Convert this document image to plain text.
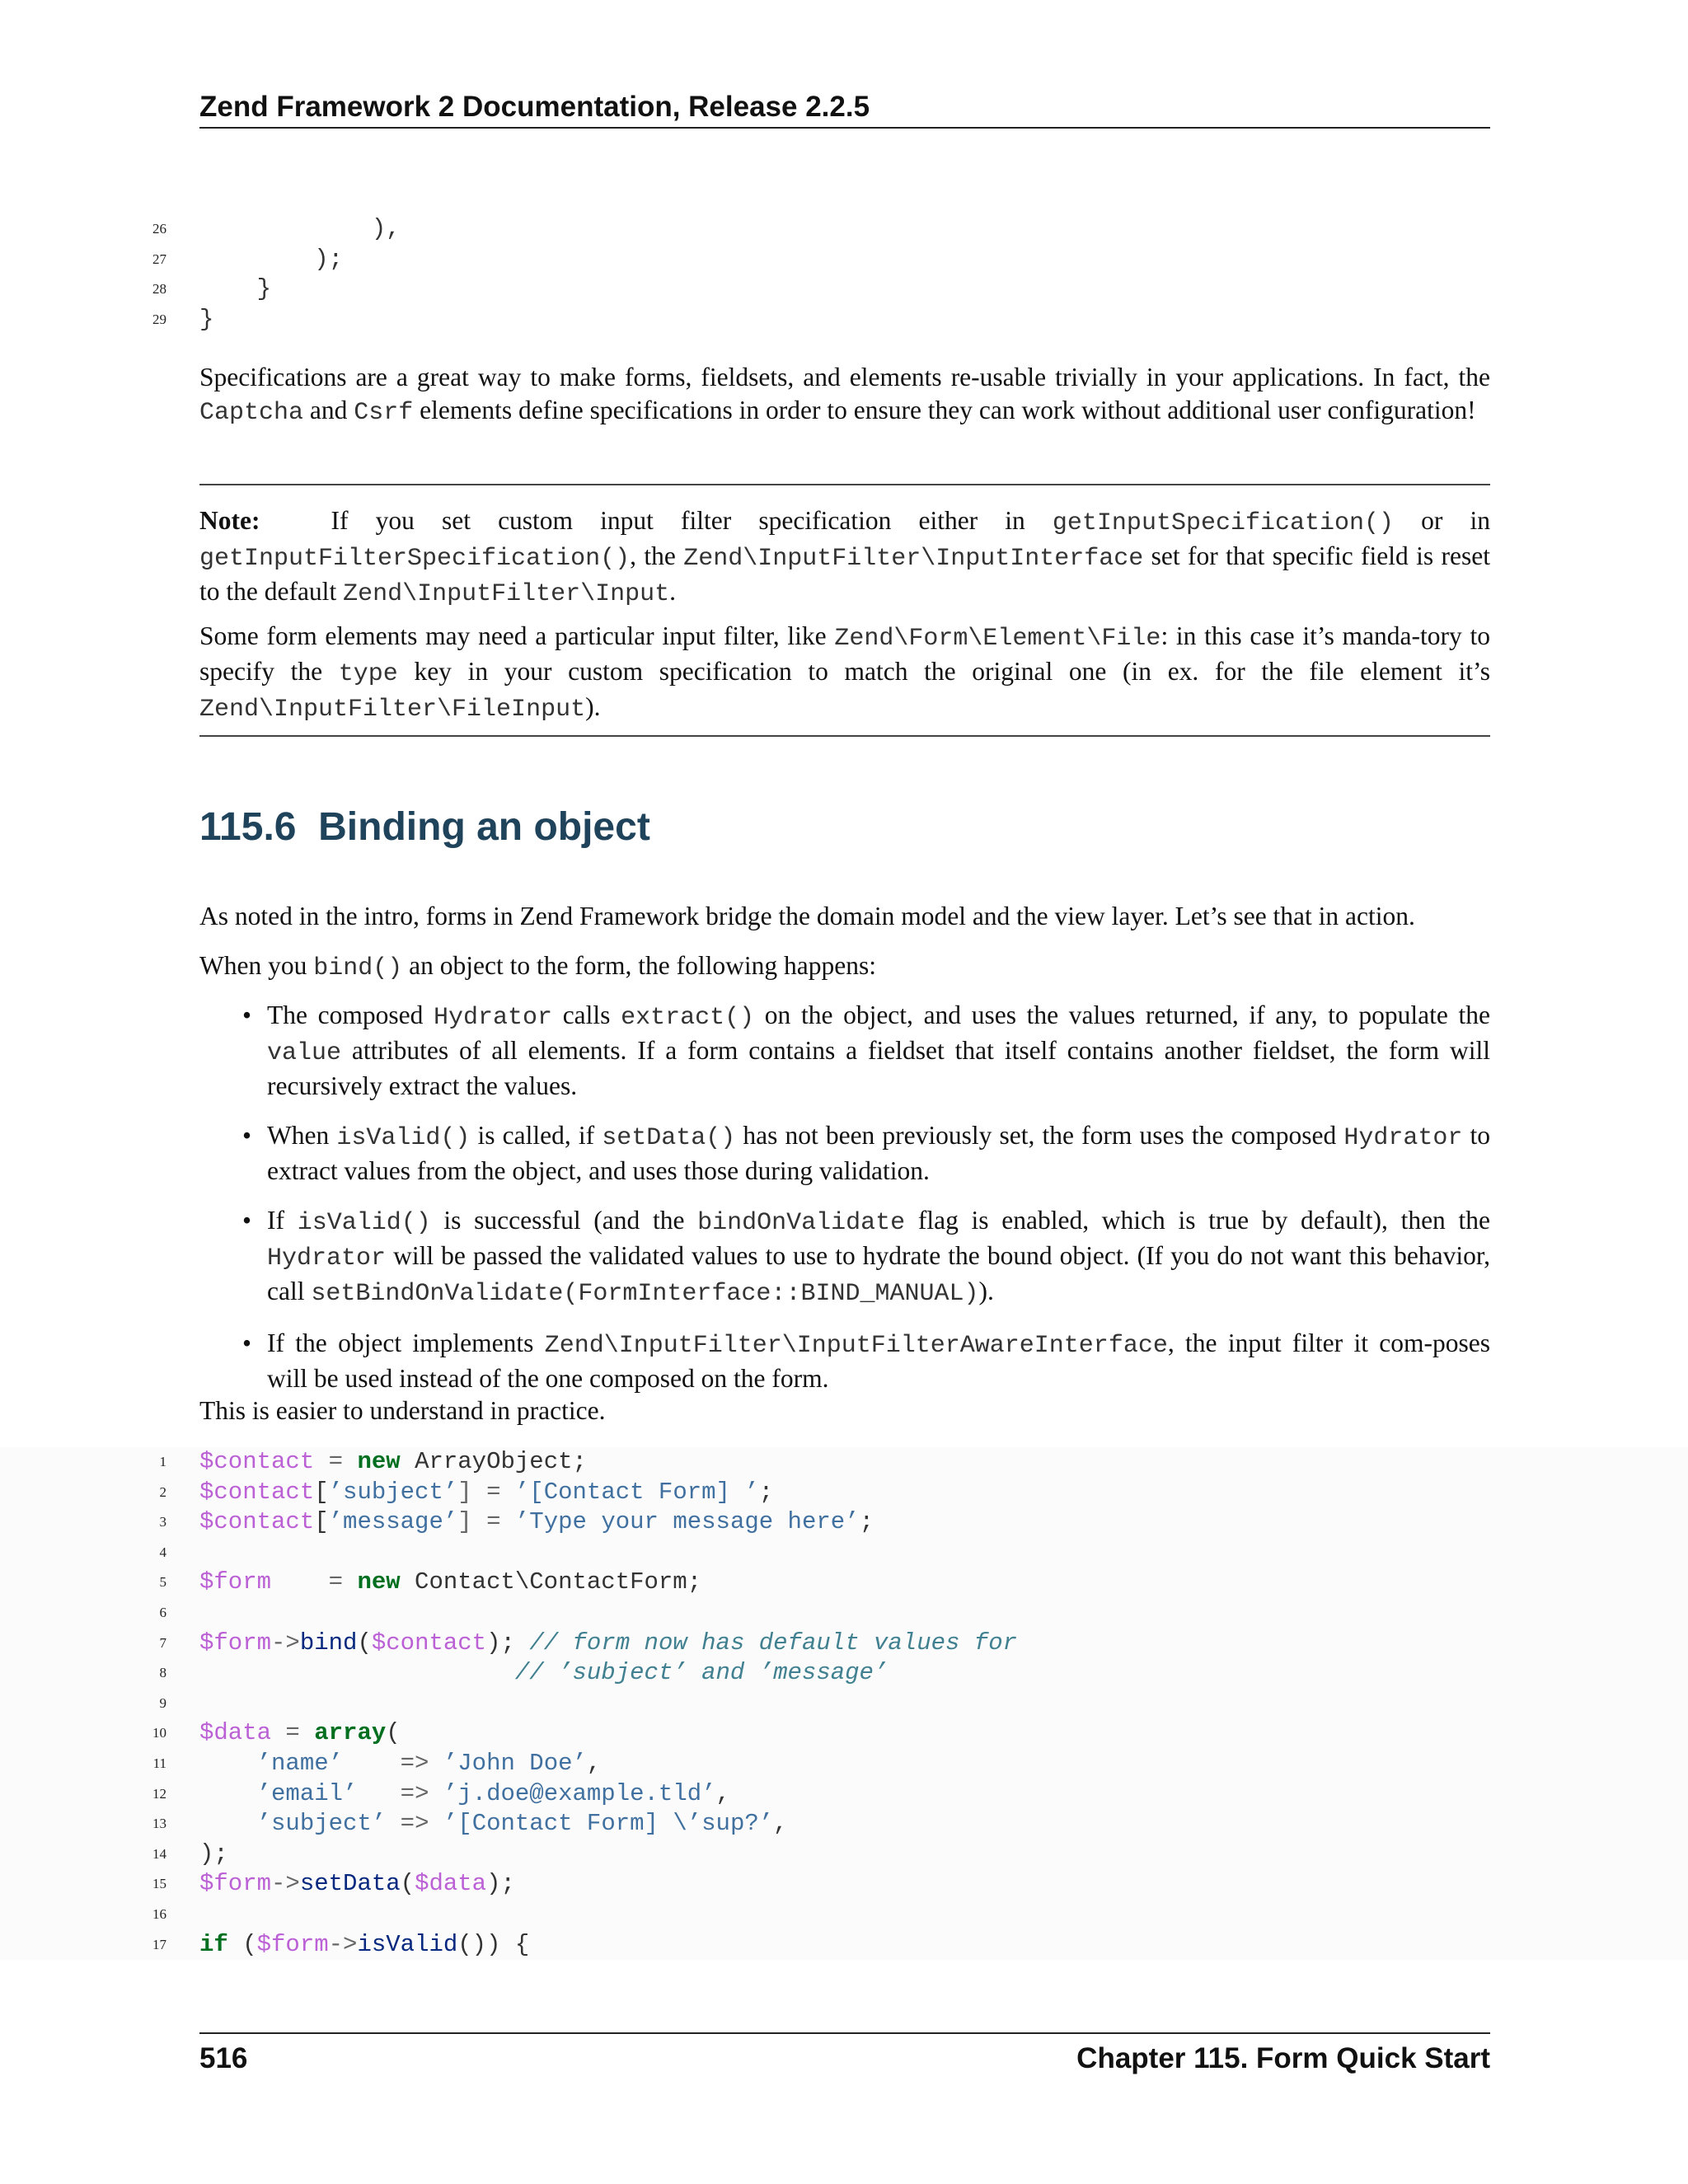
Zend Framework 2 Documentation, Release 2.2.5
26 ),
27 );
28 }
29 }

Specifications are a great way to make forms, fieldsets, and elements re-usable trivially in your applications. In fact, the Captcha and Csrf elements define specifications in order to ensure they can work without additional user configuration!

Note:	If you set custom input filter specification either in getInputSpecification() or in getInputFilterSpecification(), the Zend\InputFilter\InputInterface set for that specific field is reset to the default Zend\InputFilter\Input.

Some form elements may need a particular input filter, like Zend\Form\Element\File: in this case it’s manda-tory to specify the type key in your custom specification to match the original one (in ex. for the file element it’s Zend\InputFilter\FileInput).

115.6 Binding an object

As noted in the intro, forms in Zend Framework bridge the domain model and the view layer. Let’s see that in action.

When you bind() an object to the form, the following happens:

• The composed Hydrator calls extract() on the object, and uses the values returned, if any, to populate the value attributes of all elements. If a form contains a fieldset that itself contains another fieldset, the form will recursively extract the values.
• When isValid() is called, if setData() has not been previously set, the form uses the composed Hydrator to extract values from the object, and uses those during validation.
• If isValid() is successful (and the bindOnValidate flag is enabled, which is true by default), then the Hydrator will be passed the validated values to use to hydrate the bound object. (If you do not want this behavior, call setBindOnValidate(FormInterface::BIND_MANUAL)).
• If the object implements Zend\InputFilter\InputFilterAwareInterface, the input filter it com-poses will be used instead of the one composed on the form.

This is easier to understand in practice.

1 $contact = new ArrayObject;
2 $contact[’subject’] = ’[Contact Form] ’;
3 $contact[’message’] = ’Type your message here’;
4
5 $form    = new Contact\ContactForm;
6
7 $form->bind($contact); // form now has default values for
8	// ’subject’ and ’message’
9
10 $data = array(
11	’name’    => ’John Doe’,
12	’email’   => ’j.doe@example.tld’,
13	’subject’ => ’[Contact Form] \’sup?’,
14 );
15 $form->setData($data);
16
17 if ($form->isValid()) {
516	Chapter 115. Form Quick Start
